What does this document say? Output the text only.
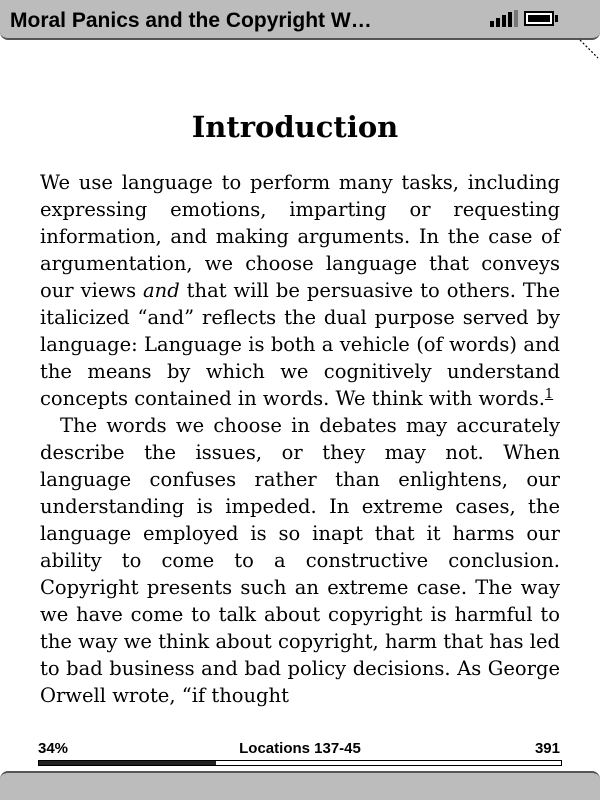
Moral Panics and the Copyright W…
Introduction

We use language to perform many tasks, including expressing emotions, imparting or requesting information, and making arguments. In the case of argumentation, we choose language that conveys our views and that will be persuasive to others. The italicized “and” reflects the dual purpose served by language: Language is both a vehicle (of words) and the means by which we cognitively understand concepts contained in words. We think with words.$^1$

The words we choose in debates may accurately describe the issues, or they may not. When language confuses rather than enlightens, our understanding is impeded. In extreme cases, the language employed is so inapt that it harms our ability to come to a constructive conclusion. Copyright presents such an extreme case. The way we have come to talk about copyright is harmful to the way we think about copyright, harm that has led to bad business and bad policy decisions. As George Orwell wrote, “if thought

34%	Locations 137-45	391
